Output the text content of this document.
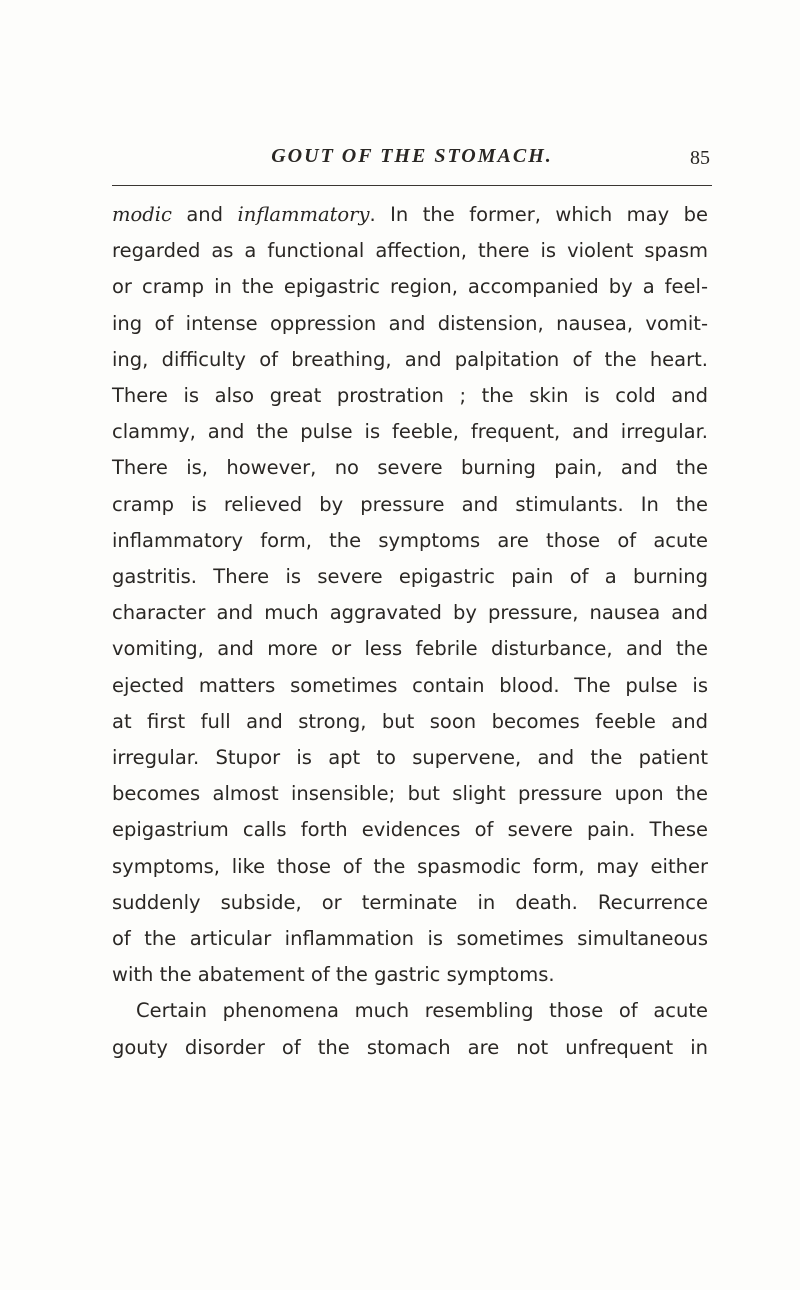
GOUT OF THE STOMACH.	85
modic and inflammatory. In the former, which may be
regarded as a functional affection, there is violent spasm
or cramp in the epigastric region, accompanied by a feel-
ing of intense oppression and distension, nausea, vomit-
ing, difficulty of breathing, and palpitation of the heart.
There is also great prostration ; the skin is cold and
clammy, and the pulse is feeble, frequent, and irregular.
There is, however, no severe burning pain, and the
cramp is relieved by pressure and stimulants. In the
inflammatory form, the symptoms are those of acute
gastritis. There is severe epigastric pain of a burning
character and much aggravated by pressure, nausea and
vomiting, and more or less febrile disturbance, and the
ejected matters sometimes contain blood. The pulse is
at first full and strong, but soon becomes feeble and
irregular. Stupor is apt to supervene, and the patient
becomes almost insensible; but slight pressure upon the
epigastrium calls forth evidences of severe pain. These
symptoms, like those of the spasmodic form, may either
suddenly subside, or terminate in death. Recurrence
of the articular inflammation is sometimes simultaneous
with the abatement of the gastric symptoms.
Certain phenomena much resembling those of acute
gouty disorder of the stomach are not unfrequent in
